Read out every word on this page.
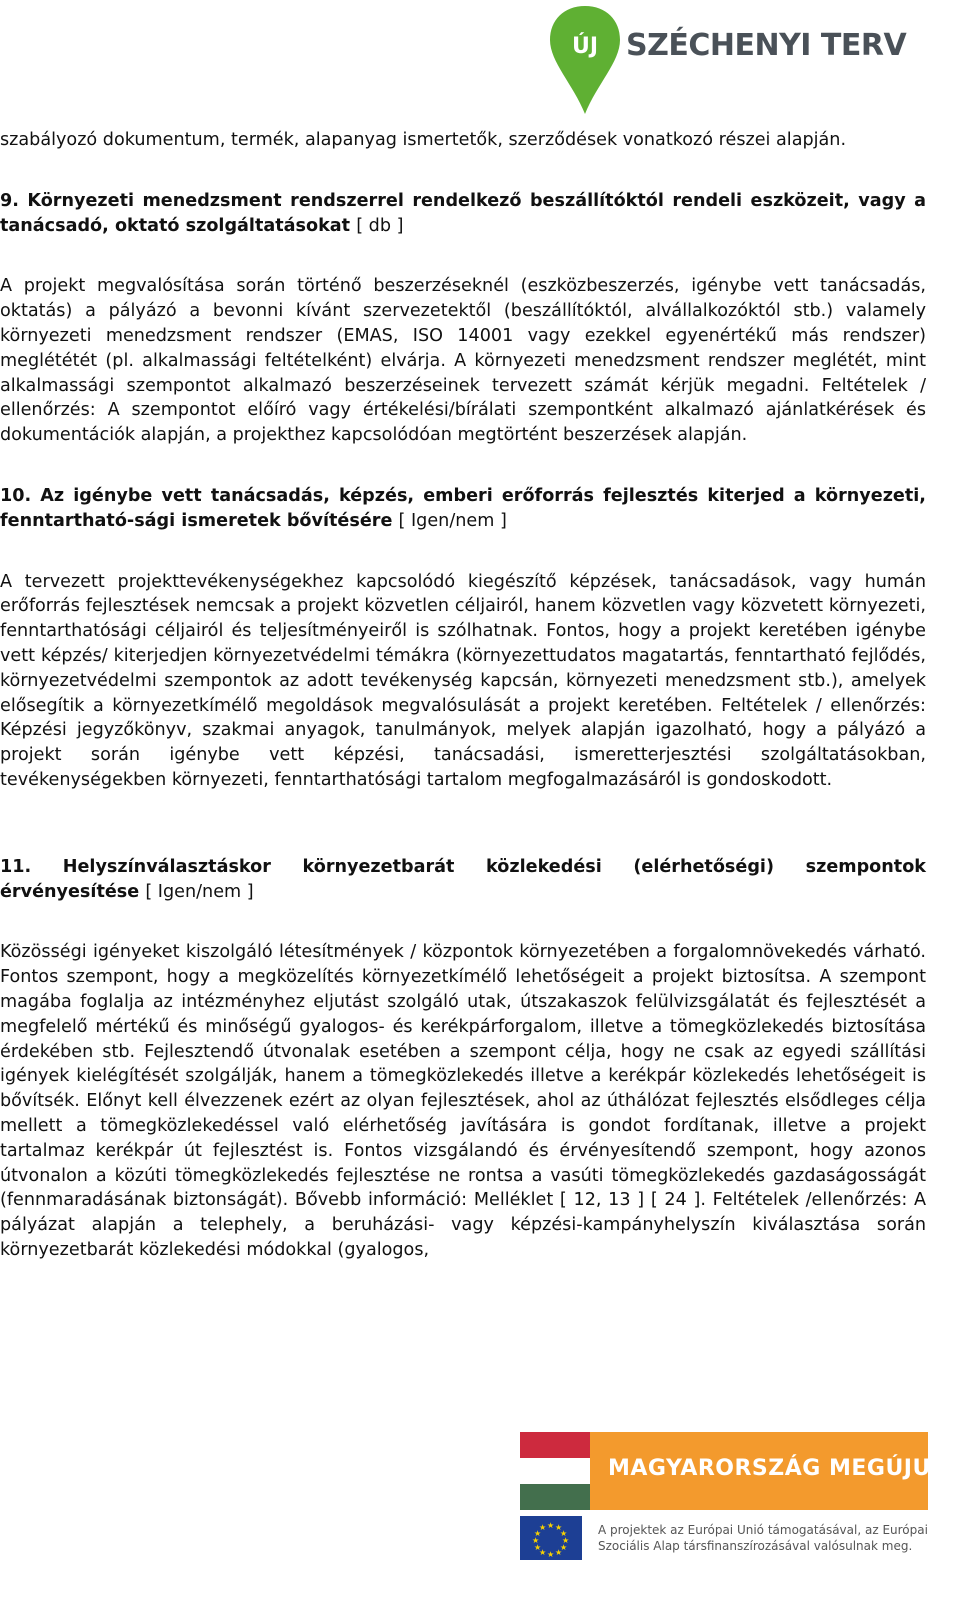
ÚJ SZÉCHENYI TERV

szabályozó dokumentum, termék, alapanyag ismertetők, szerződések vonatkozó részei alapján.

9. Környezeti menedzsment rendszerrel rendelkező beszállítóktól rendeli eszközeit, vagy a tanácsadó, oktató szolgáltatásokat [ db ]

A projekt megvalósítása során történő beszerzéseknél (eszközbeszerzés, igénybe vett tanácsadás, oktatás) a pályázó a bevonni kívánt szervezetektől (beszállítóktól, alvállalkozóktól stb.) valamely környezeti menedzsment rendszer (EMAS, ISO 14001 vagy ezekkel egyenértékű más rendszer) meglététét (pl. alkalmassági feltételként) elvárja. A környezeti menedzsment rendszer meglétét, mint alkalmassági szempontot alkalmazó beszerzéseinek tervezett számát kérjük megadni. Feltételek / ellenőrzés: A szempontot előíró vagy értékelési/bírálati szempontként alkalmazó ajánlatkérések és dokumentációk alapján, a projekthez kapcsolódóan megtörtént beszerzések alapján.

10. Az igénybe vett tanácsadás, képzés, emberi erőforrás fejlesztés kiterjed a környezeti, fenntartható-sági ismeretek bővítésére [ Igen/nem ]

A tervezett projekttevékenységekhez kapcsolódó kiegészítő képzések, tanácsadások, vagy humán erőforrás fejlesztések nemcsak a projekt közvetlen céljairól, hanem közvetlen vagy közvetett környezeti, fenntarthatósági céljairól és teljesítményeiről is szólhatnak. Fontos, hogy a projekt keretében igénybe vett képzés/ kiterjedjen környezetvédelmi témákra (környezettudatos magatartás, fenntartható fejlődés, környezetvédelmi szempontok az adott tevékenység kapcsán, környezeti menedzsment stb.), amelyek elősegítik a környezetkímélő megoldások megvalósulását a projekt keretében. Feltételek / ellenőrzés: Képzési jegyzőkönyv, szakmai anyagok, tanulmányok, melyek alapján igazolható, hogy a pályázó a projekt során igénybe vett képzési, tanácsadási, ismeretterjesztési szolgáltatásokban, tevékenységekben környezeti, fenntarthatósági tartalom megfogalmazásáról is gondoskodott.

11. Helyszínválasztáskor környezetbarát közlekedési (elérhetőségi) szempontok érvényesítése [ Igen/nem ]

Közösségi igényeket kiszolgáló létesítmények / központok környezetében a forgalomnövekedés várható. Fontos szempont, hogy a megközelítés környezetkímélő lehetőségeit a projekt biztosítsa. A szempont magába foglalja az intézményhez eljutást szolgáló utak, útszakaszok felülvizsgálatát és fejlesztését a megfelelő mértékű és minőségű gyalogos- és kerékpárforgalom, illetve a tömegközlekedés biztosítása érdekében stb. Fejlesztendő útvonalak esetében a szempont célja, hogy ne csak az egyedi szállítási igények kielégítését szolgálják, hanem a tömegközlekedés illetve a kerékpár közlekedés lehetőségeit is bővítsék. Előnyt kell élvezzenek ezért az olyan fejlesztések, ahol az úthálózat fejlesztés elsődleges célja mellett a tömegközlekedéssel való elérhetőség javítására is gondot fordítanak, illetve a projekt tartalmaz kerékpár út fejlesztést is. Fontos vizsgálandó és érvényesítendő szempont, hogy azonos útvonalon a közúti tömegközlekedés fejlesztése ne rontsa a vasúti tömegközlekedés gazdaságosságát (fennmaradásának biztonságát). Bővebb információ: Melléklet [ 12, 13 ] [ 24 ]. Feltételek /ellenőrzés: A pályázat alapján a telephely, a beruházási- vagy képzési-kampányhelyszín kiválasztása során környezetbarát közlekedési módokkal (gyalogos,

MAGYARORSZÁG MEGÚJUL
★ ★
★
★
★
★
★
★
★
★
★
★	A projektek az Európai Unió támogatásával, az Európai
Szociális Alap társfinanszírozásával valósulnak meg.
